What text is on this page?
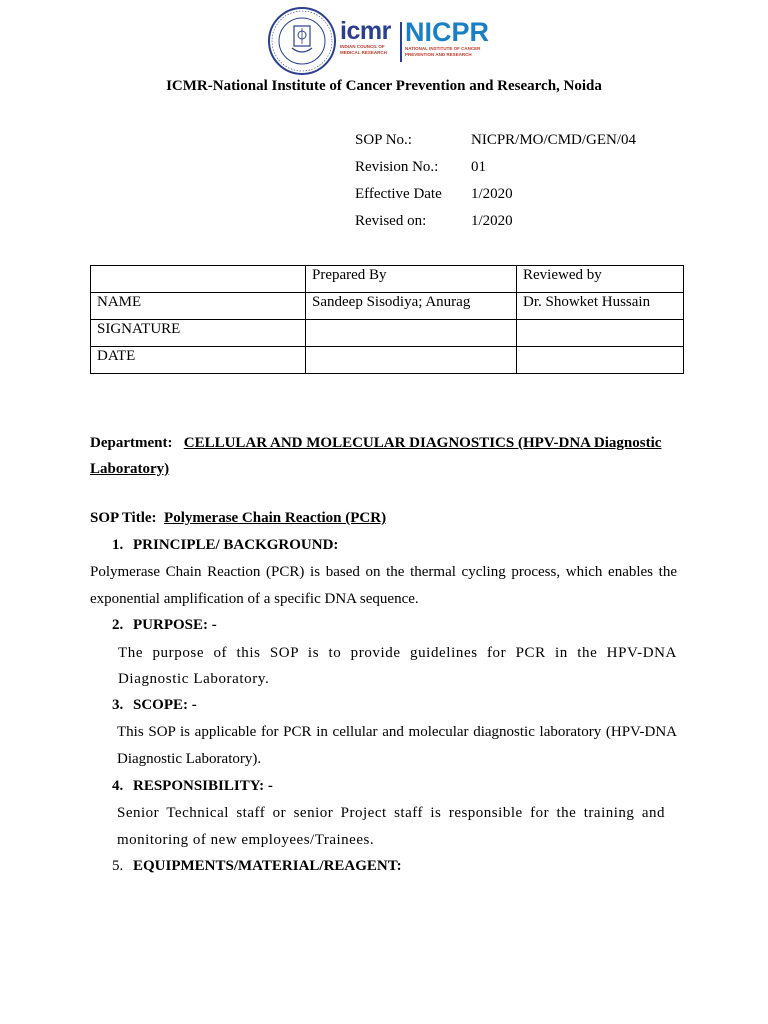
icmr
INDIAN COUNCIL OF MEDICAL RESEARCH
NICPR
NATIONAL INSTITUTE OF CANCER PREVENTION AND RESEARCH
ICMR-National Institute of Cancer Prevention and Research, Noida
SOP No.:	NICPR/MO/CMD/GEN/04
Revision No.: 01
Effective Date 1/2020
Revised on:	1/2020
	Prepared By	Reviewed by
NAME	Sandeep Sisodiya; Anurag	Dr. Showket Hussain
SIGNATURE		
DATE		
Department: CELLULAR AND MOLECULAR DIAGNOSTICS (HPV-DNA Diagnostic
Laboratory)
SOP Title: Polymerase Chain Reaction (PCR)
1. PRINCIPLE/ BACKGROUND:
Polymerase Chain Reaction (PCR) is based on the thermal cycling process, which enables the exponential amplification of a specific DNA sequence.
2. PURPOSE: -
The purpose of this SOP is to provide guidelines for PCR in the HPV-DNA Diagnostic Laboratory.
3. SCOPE: -
This SOP is applicable for PCR in cellular and molecular diagnostic laboratory (HPV-DNA Diagnostic Laboratory).
4. RESPONSIBILITY: -
Senior Technical staff or senior Project staff is responsible for the training and monitoring of new employees/Trainees.
5. EQUIPMENTS/MATERIAL/REAGENT:
